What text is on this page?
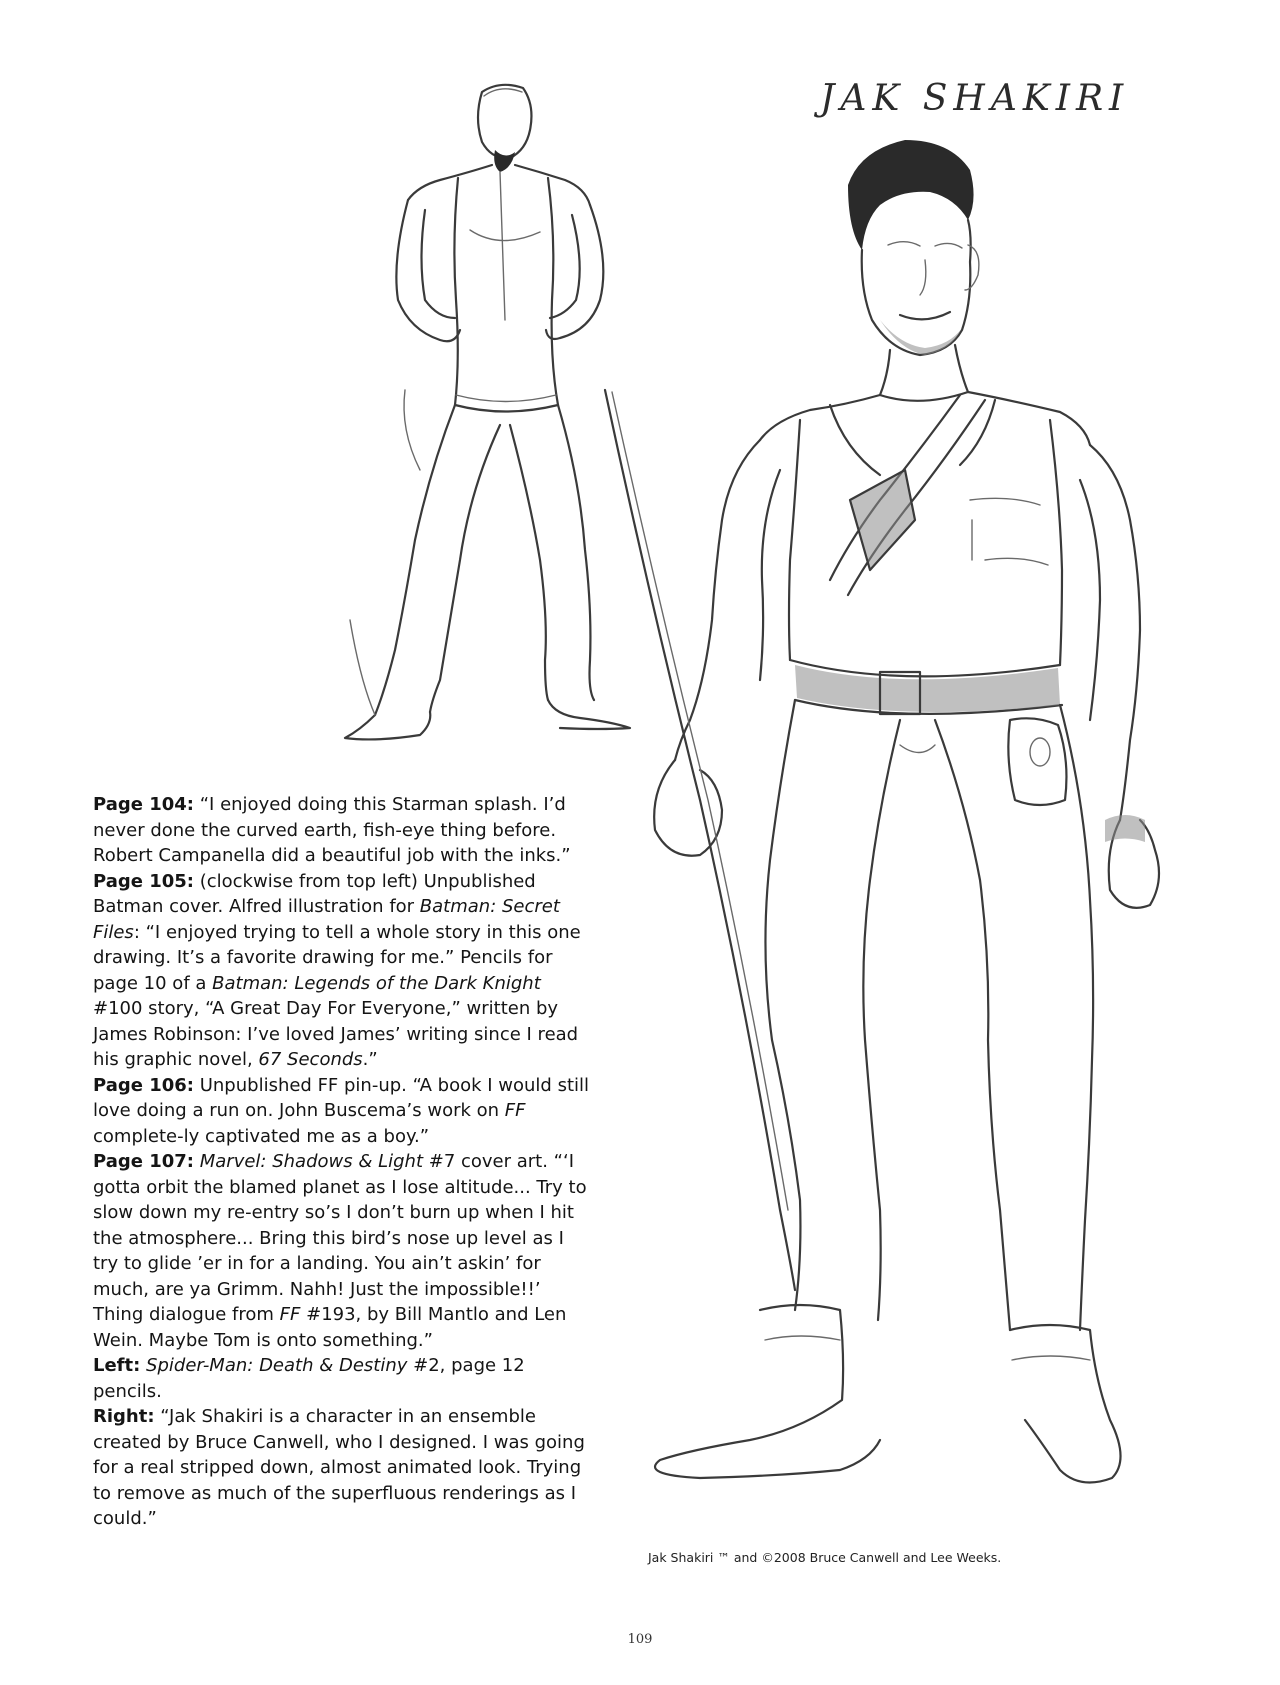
JAK SHAKIRI

Page 104: “I enjoyed doing this Starman splash. I’d never done the curved earth, fish-eye thing before. Robert Campanella did a beautiful job with the inks.”

Page 105: (clockwise from top left) Unpublished Batman cover. Alfred illustration for Batman: Secret Files: “I enjoyed trying to tell a whole story in this one drawing. It’s a favorite drawing for me.” Pencils for page 10 of a Batman: Legends of the Dark Knight #100 story, “A Great Day For Everyone,” written by James Robinson: I’ve loved James’ writing since I read his graphic novel, 67 Seconds.”

Page 106: Unpublished FF pin-up. “A book I would still love doing a run on. John Buscema’s work on FF complete-ly captivated me as a boy.”

Page 107: Marvel: Shadows & Light #7 cover art. “‘I gotta orbit the blamed planet as I lose altitude... Try to slow down my re-entry so’s I don’t burn up when I hit the atmosphere... Bring this bird’s nose up level as I try to glide ’er in for a landing. You ain’t askin’ for much, are ya Grimm. Nahh! Just the impossible!!’ Thing dialogue from FF #193, by Bill Mantlo and Len Wein. Maybe Tom is onto something.”

Left: Spider-Man: Death & Destiny #2, page 12 pencils.

Right: “Jak Shakiri is a character in an ensemble created by Bruce Canwell, who I designed. I was going for a real stripped down, almost animated look. Trying to remove as much of the superfluous renderings as I could.”

Jak Shakiri ™ and ©2008 Bruce Canwell and Lee Weeks.
109
